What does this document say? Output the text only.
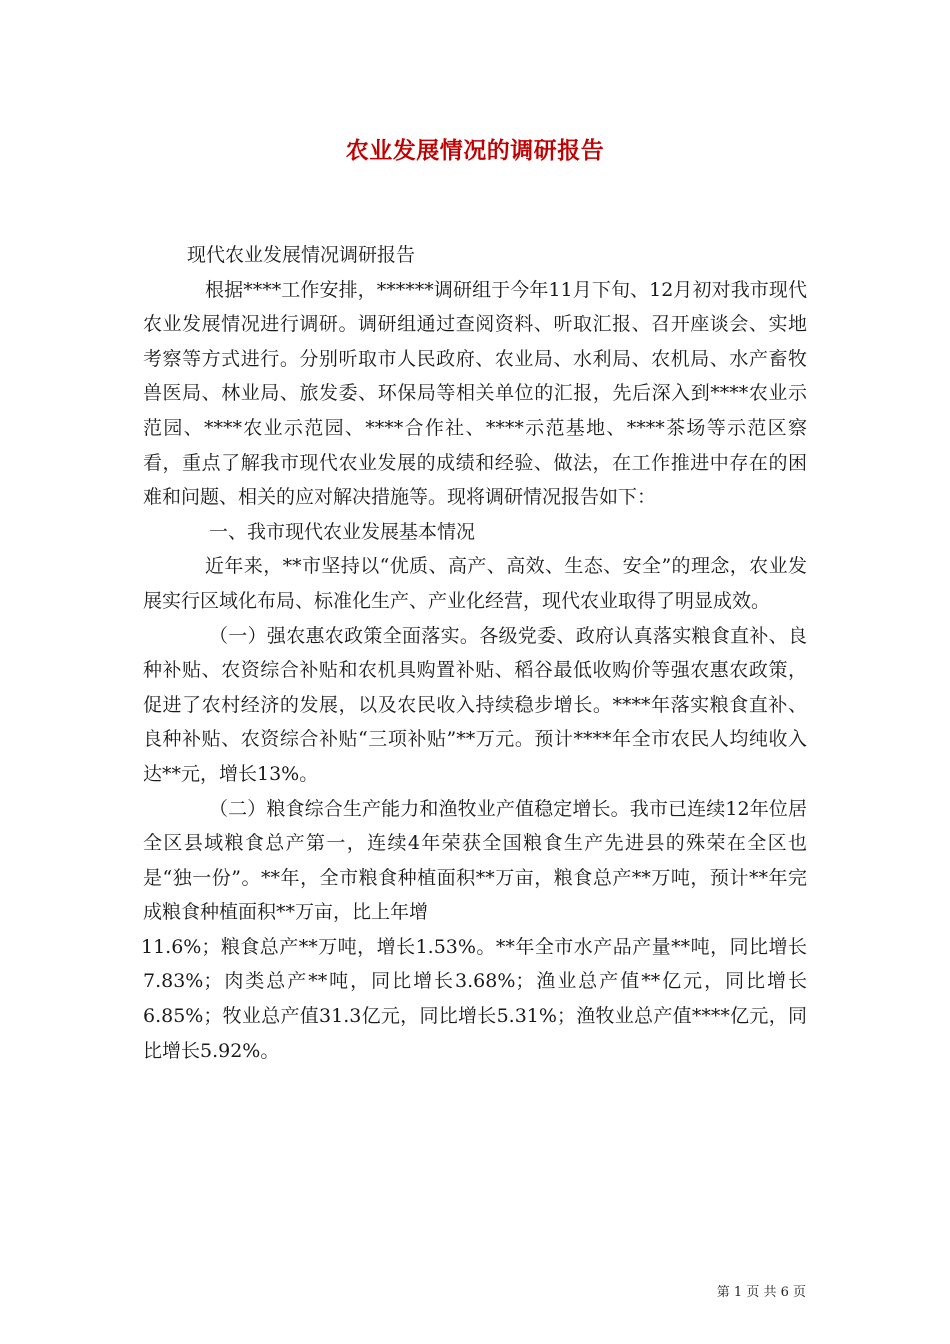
农业发展情况的调研报告

现代农业发展情况调研报告

根据****工作安排，******调研组于今年11月下旬、12月初对我市现代农业发展情况进行调研。调研组通过查阅资料、听取汇报、召开座谈会、实地考察等方式进行。分别听取市人民政府、农业局、水利局、农机局、水产畜牧兽医局、林业局、旅发委、环保局等相关单位的汇报，先后深入到****农业示范园、****农业示范园、****合作社、****示范基地、****茶场等示范区察看，重点了解我市现代农业发展的成绩和经验、做法，在工作推进中存在的困难和问题、相关的应对解决措施等。现将调研情况报告如下：

一、我市现代农业发展基本情况

近年来，**市坚持以“优质、高产、高效、生态、安全”的理念，农业发展实行区域化布局、标准化生产、产业化经营，现代农业取得了明显成效。

（一）强农惠农政策全面落实。各级党委、政府认真落实粮食直补、良种补贴、农资综合补贴和农机具购置补贴、稻谷最低收购价等强农惠农政策，促进了农村经济的发展，以及农民收入持续稳步增长。****年落实粮食直补、良种补贴、农资综合补贴“三项补贴”**万元。预计****年全市农民人均纯收入达**元，增长13%。

（二）粮食综合生产能力和渔牧业产值稳定增长。我市已连续12年位居全区县域粮食总产第一，连续4年荣获全国粮食生产先进县的殊荣在全区也是“独一份”。**年，全市粮食种植面积**万亩，粮食总产**万吨，预计**年完成粮食种植面积**万亩，比上年增

11.6%；粮食总产**万吨，增长1.53%。**年全市水产品产量**吨，同比增长7.83%；肉类总产**吨，同比增长3.68%；渔业总产值**亿元，同比增长6.85%；牧业总产值31.3亿元，同比增长5.31%；渔牧业总产值****亿元，同比增长5.92%。

第 1 页 共 6 页
